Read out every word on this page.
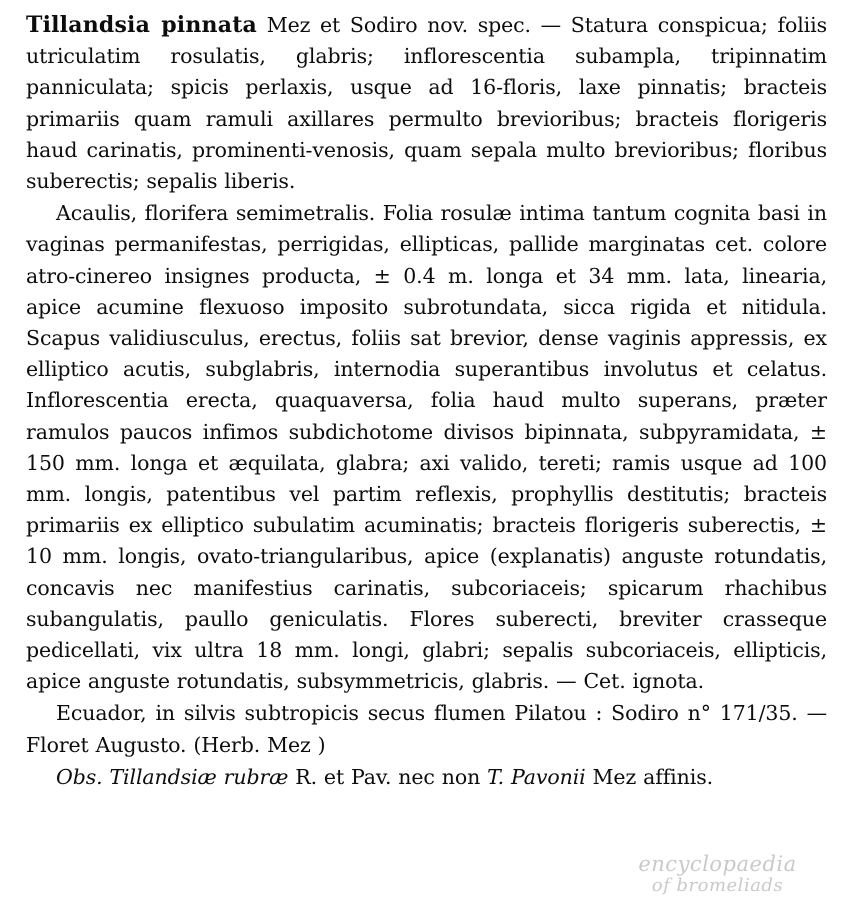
Tillandsia pinnata Mez et Sodiro nov. spec. — Statura conspicua; foliis utriculatim rosulatis, glabris; inflorescentia subampla, tripinnatim panniculata; spicis perlaxis, usque ad 16-floris, laxe pinnatis; bracteis primariis quam ramuli axillares permulto brevioribus; bracteis florigeris haud carinatis, prominenti-venosis, quam sepala multo brevioribus; floribus suberectis; sepalis liberis.

Acaulis, florifera semimetralis. Folia rosulæ intima tantum cognita basi in vaginas permanifestas, perrigidas, ellipticas, pallide marginatas cet. colore atro-cinereo insignes producta, ± 0.4 m. longa et 34 mm. lata, linearia, apice acumine flexuoso imposito subrotundata, sicca rigida et nitidula. Scapus validiusculus, erectus, foliis sat brevior, dense vaginis appressis, ex elliptico acutis, subglabris, internodia superantibus involutus et celatus. Inflorescentia erecta, quaquaversa, folia haud multo superans, præter ramulos paucos infimos subdichotome divisos bipinnata, subpyramidata, ± 150 mm. longa et æquilata, glabra; axi valido, tereti; ramis usque ad 100 mm. longis, patentibus vel partim reflexis, prophyllis destitutis; bracteis primariis ex elliptico subulatim acuminatis; bracteis florigeris suberectis, ± 10 mm. longis, ovato-triangularibus, apice (explanatis) anguste rotundatis, concavis nec manifestius carinatis, subcoriaceis; spicarum rhachibus subangulatis, paullo geniculatis. Flores suberecti, breviter crasseque pedicellati, vix ultra 18 mm. longi, glabri; sepalis subcoriaceis, ellipticis, apice anguste rotundatis, subsymmetricis, glabris. — Cet. ignota.

Ecuador, in silvis subtropicis secus flumen Pilatou : Sodiro n° 171/35. — Floret Augusto. (Herb. Mez )

Obs. Tillandsiæ rubræ R. et Pav. nec non T. Pavonii Mez affinis.

encyclopaedia
of bromeliads
